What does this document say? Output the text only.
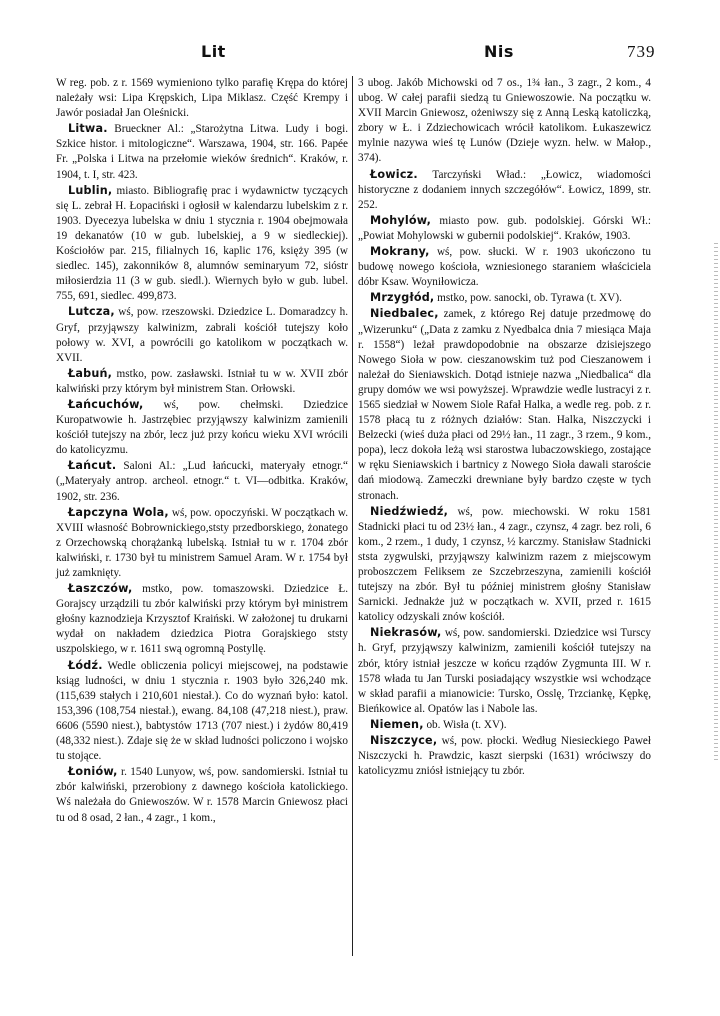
Lit	Nis	739

W reg. pob. z r. 1569 wymieniono tylko parafię Krępa do której należały wsi: Lipa Krępskich, Lipa Miklasz. Część Krempy i Jawór posiadał Jan Oleśnicki.

Litwa. Brueckner Al.: „Starożytna Litwa. Ludy i bogi. Szkice histor. i mitologiczne“. Warszawa, 1904, str. 166. Papée Fr. „Polska i Litwa na przełomie wieków średnich“. Kraków, r. 1904, t. I, str. 423.

Lublin, miasto. Bibliografię prac i wydawnictw tyczących się L. zebrał H. Łopaciński i ogłosił w kalendarzu lubelskim z r. 1903. Dyecezya lubelska w dniu 1 stycznia r. 1904 obejmowała 19 dekanatów (10 w gub. lubelskiej, a 9 w siedleckiej). Kościołów par. 215, filialnych 16, kaplic 176, księży 395 (w siedlec. 145), zakonników 8, alumnów seminaryum 72, sióstr miłosierdzia 11 (3 w gub. siedl.). Wiernych było w gub. lubel. 755, 691, siedlec. 499,873.

Lutcza, wś, pow. rzeszowski. Dziedzice L. Domaradzcy h. Gryf, przyjąwszy kalwinizm, zabrali kościół tutejszy koło połowy w. XVI, a powrócili go katolikom w początkach w. XVII.

Łabuń, mstko, pow. zasławski. Istniał tu w w. XVII zbór kalwiński przy którym był ministrem Stan. Orłowski.

Łańcuchów, wś, pow. chełmski. Dziedzice Kuropatwowie h. Jastrzębiec przyjąwszy kalwinizm zamienili kościół tutejszy na zbór, lecz już przy końcu wieku XVI wrócili do katolicyzmu.

Łańcut. Saloni Al.: „Lud łańcucki, materyały etnogr.“ („Materyały antrop. archeol. etnogr.“ t. VI—odbitka. Kraków, 1902, str. 236.

Łapczyna Wola, wś, pow. opoczyński. W początkach w. XVIII własność Bobrownickiego,ststy przedborskiego, żonatego z Orzechowską chorążanką lubelską. Istniał tu w r. 1704 zbór kalwiński, r. 1730 był tu ministrem Samuel Aram. W r. 1754 był już zamknięty.

Łaszczów, mstko, pow. tomaszowski. Dziedzice Ł. Gorajscy urządzili tu zbór kalwiński przy którym był ministrem głośny kaznodzieja Krzysztof Kraiński. W założonej tu drukarni wydał on nakładem dziedzica Piotra Gorajskiego ststy uszpolskiego, w r. 1611 swą ogromną Postyllę.

Łódź. Wedle obliczenia policyi miejscowej, na podstawie ksiąg ludności, w dniu 1 stycznia r. 1903 było 326,240 mk. (115,639 stałych i 210,601 niestał.). Co do wyznań było: katol. 153,396 (108,754 niestał.), ewang. 84,108 (47,218 niest.), praw. 6606 (5590 niest.), babtystów 1713 (707 niest.) i żydów 80,419 (48,332 niest.). Zdaje się że w skład ludności policzono i wojsko tu stojące.

Łoniów, r. 1540 Lunyow, wś, pow. sandomierski. Istniał tu zbór kalwiński, przerobiony z dawnego kościoła katolickiego. Wś należała do Gniewoszów. W r. 1578 Marcin Gniewosz płaci tu od 8 osad, 2 łan., 4 zagr., 1 kom.,

3 ubog. Jakób Michowski od 7 os., 1¾ łan., 3 zagr., 2 kom., 4 ubog. W całej parafii siedzą tu Gniewoszowie. Na początku w. XVII Marcin Gniewosz, ożeniwszy się z Anną Leską katoliczką, zbory w Ł. i Zdziechowicach wrócił katolikom. Łukaszewicz mylnie nazywa wieś tę Lunów (Dzieje wyzn. helw. w Małop., 374).

Łowicz. Tarczyński Wład.: „Łowicz, wiadomości historyczne z dodaniem innych szczegółów“. Łowicz, 1899, str. 252.

Mohylów, miasto pow. gub. podolskiej. Górski Wł.: „Powiat Mohylowski w gubernii podolskiej“. Kraków, 1903.

Mokrany, wś, pow. słucki. W r. 1903 ukończono tu budowę nowego kościoła, wzniesionego staraniem właściciela dóbr Ksaw. Woyniłowicza.

Mrzygłód, mstko, pow. sanocki, ob. Tyrawa (t. XV).

Niedbalec, zamek, z którego Rej datuje przedmowę do „Wizerunku“ („Data z zamku z Nyedbalca dnia 7 miesiąca Maja r. 1558“) leżał prawdopodobnie na obszarze dzisiejszego Nowego Sioła w pow. cieszanowskim tuż pod Cieszanowem i należał do Sieniawskich. Dotąd istnieje nazwa „Niedbalica“ dla grupy domów we wsi powyższej. Wprawdzie wedle lustracyi z r. 1565 siedział w Nowem Siole Rafał Halka, a wedle reg. pob. z r. 1578 płacą tu z różnych działów: Stan. Halka, Niszczycki i Bełzecki (wieś duża płaci od 29½ łan., 11 zagr., 3 rzem., 9 kom., popa), lecz dokoła leżą wsi starostwa lubaczowskiego, zostające w ręku Sieniawskich i bartnicy z Nowego Sioła dawali staroście dań miodową. Zameczki drewniane były bardzo częste w tych stronach.

Niedźwiedź, wś, pow. miechowski. W roku 1581 Stadnicki płaci tu od 23½ łan., 4 zagr., czynsz, 4 zagr. bez roli, 6 kom., 2 rzem., 1 dudy, 1 czynsz, ½ karczmy. Stanisław Stadnicki ststa zygwulski, przyjąwszy kalwinizm razem z miejscowym proboszczem Feliksem ze Szczebrzeszyna, zamienili kościół tutejszy na zbór. Był tu później ministrem głośny Stanisław Sarnicki. Jednakże już w początkach w. XVII, przed r. 1615 katolicy odzyskali znów kościół.

Niekrasów, wś, pow. sandomierski. Dziedzice wsi Turscy h. Gryf, przyjąwszy kalwinizm, zamienili kościół tutejszy na zbór, który istniał jeszcze w końcu rządów Zygmunta III. W r. 1578 włada tu Jan Turski posiadający wszystkie wsi wchodzące w skład parafii a mianowicie: Tursko, Osslę, Trzciankę, Kępkę, Bieńkowice al. Opatów las i Nabole las.

Niemen, ob. Wisła (t. XV).

Niszczyce, wś, pow. płocki. Według Niesieckiego Paweł Niszczycki h. Prawdzic, kaszt sierpski (1631) wróciwszy do katolicyzmu zniósł istniejący tu zbór.
